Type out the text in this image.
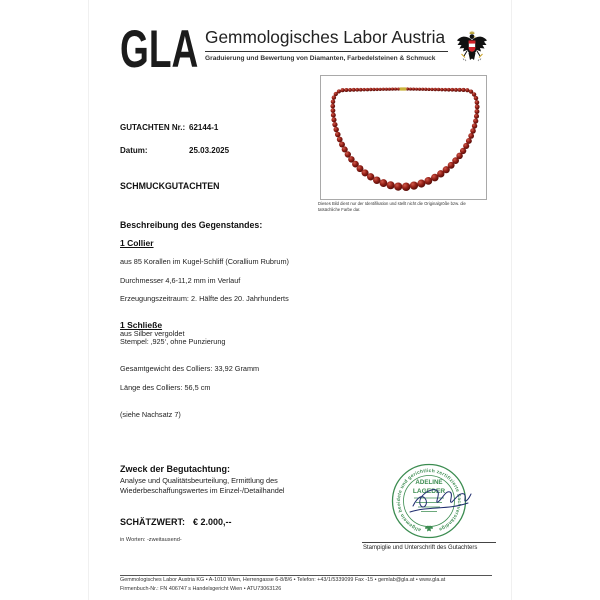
GLA Gemmologisches Labor Austria
Graduierung und Bewertung von Diamanten, Farbedelsteinen & Schmuck
GUTACHTEN Nr.: 62144-1
Datum:	25.03.2025
SCHMUCKGUTACHTEN
Dieses Bild dient nur der Identifikation und stellt nicht die Originalgröße bzw. die
tatsächliche Farbe dar.
Beschreibung des Gegenstandes:
1 Collier
aus 85 Korallen im Kugel-Schliff (Corallium Rubrum)
Durchmesser 4,6-11,2 mm im Verlauf
Erzeugungszeitraum: 2. Hälfte des 20. Jahrhunderts
1 Schließe
aus Silber vergoldet
Stempel: ‚925‘, ohne Punzierung
Gesamtgewicht des Colliers: 33,92 Gramm
Länge des Colliers: 56,5 cm
(siehe Nachsatz 7)
Zweck der Begutachtung:
Analyse und Qualitätsbeurteilung, Ermittlung des
Wiederbeschaffungswertes im Einzel-/Detailhandel
SCHÄTZWERT: € 2.000,--
in Worten: -zweitausend-
allgemein beeidete und gerichtlich zertifizierte Sachverständige
ADELINE
LAGEDER
Stampiglie und Unterschrift des Gutachters
Gemmologisches Labor Austria KG • A-1010 Wien, Herrengasse 6-8/8/6 • Telefon: +43/1/5339099 Fax -15 • gemlab@gla.at • www.gla.at
Firmenbuch-Nr.: FN 406747 s Handelsgericht Wien • ATU73063126
